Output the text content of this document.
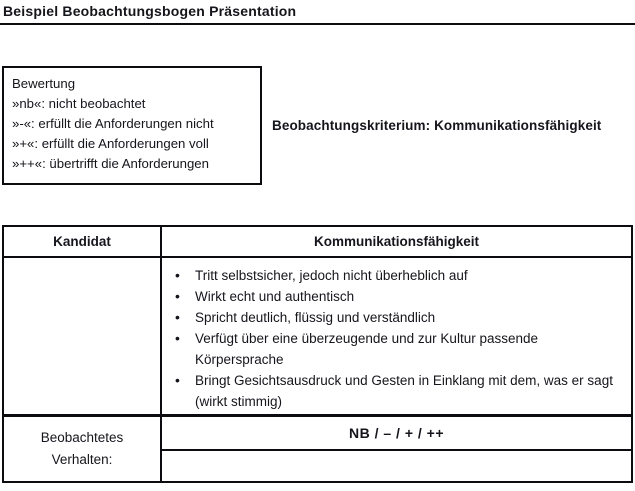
Beispiel Beobachtungsbogen Präsentation
Bewertung
»nb«: nicht beobachtet
»-«: erfüllt die Anforderungen nicht
»+«: erfüllt die Anforderungen voll
»++«: übertrifft die Anforderungen
Beobachtungskriterium: Kommunikationsfähigkeit
Kandidat	Kommunikationsfähigkeit

• Tritt selbstsicher, jedoch nicht überheblich auf
• Wirkt echt und authentisch
• Spricht deutlich, flüssig und verständlich
• Verfügt über eine überzeugende und zur Kultur passende Körpersprache
• Bringt Gesichtsausdruck und Gesten in Einklang mit dem, was er sagt (wirkt stimmig)

Beobachtetes Verhalten:	NB / – / + / ++
